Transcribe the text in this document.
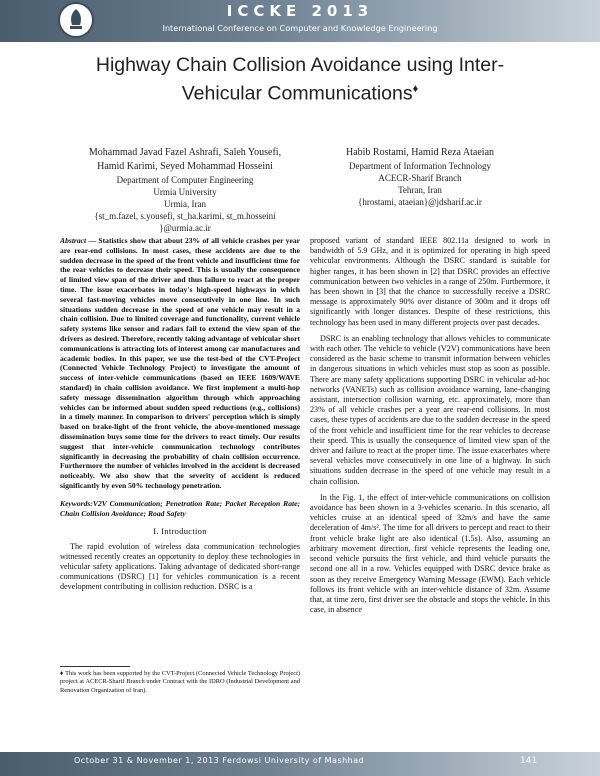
ICCKE 2013
International Conference on Computer and Knowledge Engineering
Highway Chain Collision Avoidance using Inter-Vehicular Communications♦
Mohammad Javad Fazel Ashrafi, Saleh Yousefi,
Hamid Karimi, Seyed Mohammad Hosseini
Department of Computer Engineering
Urmia University
Urmia, Iran
{st_m.fazel, s.yousefi, st_ha.karimi, st_m.hosseini
}@urmia.ac.ir
Habib Rostami, Hamid Reza Ataeian
Department of Information Technology
ACECR-Sharif Branch
Tehran, Iran
{hrostami, ataeian}@jdsharif.ac.ir
Abstract — Statistics show that about 23% of all vehicle crashes per year are rear-end collisions. In most cases, these accidents are due to the sudden decrease in the speed of the front vehicle and insufficient time for the rear vehicles to decrease their speed. This is usually the consequence of limited view span of the driver and thus failure to react at the proper time. The issue exacerbates in today's high-speed highways in which several fast-moving vehicles move consecutively in one line. In such situations sudden decrease in the speed of one vehicle may result in a chain collision. Due to limited coverage and functionality, current vehicle safety systems like sensor and radars fail to extend the view span of the drivers as desired. Therefore, recently taking advantage of vehicular short communications is attracting lots of interest among car manufactures and academic bodies. In this paper, we use the test-bed of the CVT-Project (Connected Vehicle Technology Project) to investigate the amount of success of inter-vehicle communications (based on IEEE 1609/WAVE standard) in chain collision avoidance. We first implement a multi-hop safety message dissemination algorithm through which approaching vehicles can be informed about sudden speed reductions (e.g., collisions) in a timely manner. In comparison to drivers' perception which is simply based on brake-light of the front vehicle, the above-mentioned message dissemination buys some time for the drivers to react timely. Our results suggest that inter-vehicle communication technology contributes significantly in decreasing the probability of chain collision occurrence. Furthermore the number of vehicles involved in the accident is decreased noticeably. We also show that the severity of accident is reduced significantly by even 50% technology penetration.
Keywords:V2V Communication; Penetration Rate; Packet Reception Rate; Chain Collision Avoidance; Road Safety
I. Introduction

The rapid evolution of wireless data communication technologies witnessed recently creates an opportunity to deploy these technologies in vehicular safety applications. Taking advantage of dedicated short-range communications (DSRC) [1] for vehicles communication is a recent development contributing in collision reduction. DSRC is a

♦ This work has been supported by the CVT-Project (Connected Vehicle Technology Project) project at ACECR-Sharif Branch under Contract with the IDRO (Industrial Development and Renovation Organization of Iran).

proposed variant of standard IEEE 802.11a designed to work in bandwidth of 5.9 GHz, and it is optimized for operating in high speed vehicular environments. Although the DSRC standard is suitable for higher ranges, it has been shown in [2] that DSRC provides an effective communication between two vehicles in a range of 250m. Furthermore, it has been shown in [3] that the chance to successfully receive a DSRC message is approximately 90% over distance of 300m and it drops off significantly with longer distances. Despite of these restrictions, this technology has been used in many different projects over past decades.

DSRC is an enabling technology that allows vehicles to communicate with each other. The vehicle to vehicle (V2V) communications have been considered as the basic scheme to transmit information between vehicles in dangerous situations in which vehicles must stop as soon as possible. There are many safety applications supporting DSRC in vehicular ad-hoc networks (VANETs) such as collision avoidance warning, lane-changing assistant, intersection collision warning, etc. approximately, more than 23% of all vehicle crashes per a year are rear-end collisions. In most cases, these types of accidents are due to the sudden decrease in the speed of the front vehicle and insufficient time for the rear vehicles to decrease their speed. This is usually the consequence of limited view span of the driver and failure to react at the proper time. The issue exacerbates where several vehicles move consecutively in one line of a highway. In such situations sudden decrease in the speed of one vehicle may result in a chain collision.

In the Fig. 1, the effect of inter-vehicle communications on collision avoidance has been shown in a 3-vehicles scenario. In this scenario, all vehicles cruise at an identical speed of 32m/s and have the same deceleration of 4m/s². The time for all drivers to percept and react to their front vehicle brake light are also identical (1.5s). Also, assuming an arbitrary movement direction, first vehicle represents the leading one, second vehicle pursuits the first vehicle, and third vehicle pursuits the second one all in a row. Vehicles equipped with DSRC device brake as soon as they receive Emergency Warning Message (EWM). Each vehicle follows its front vehicle with an inter-vehicle distance of 32m. Assume that, at time zero, first driver see the obstacle and stops the vehicle. In this case, in absence

October 31 & November 1, 2013 Ferdowsi University of Mashhad	141
